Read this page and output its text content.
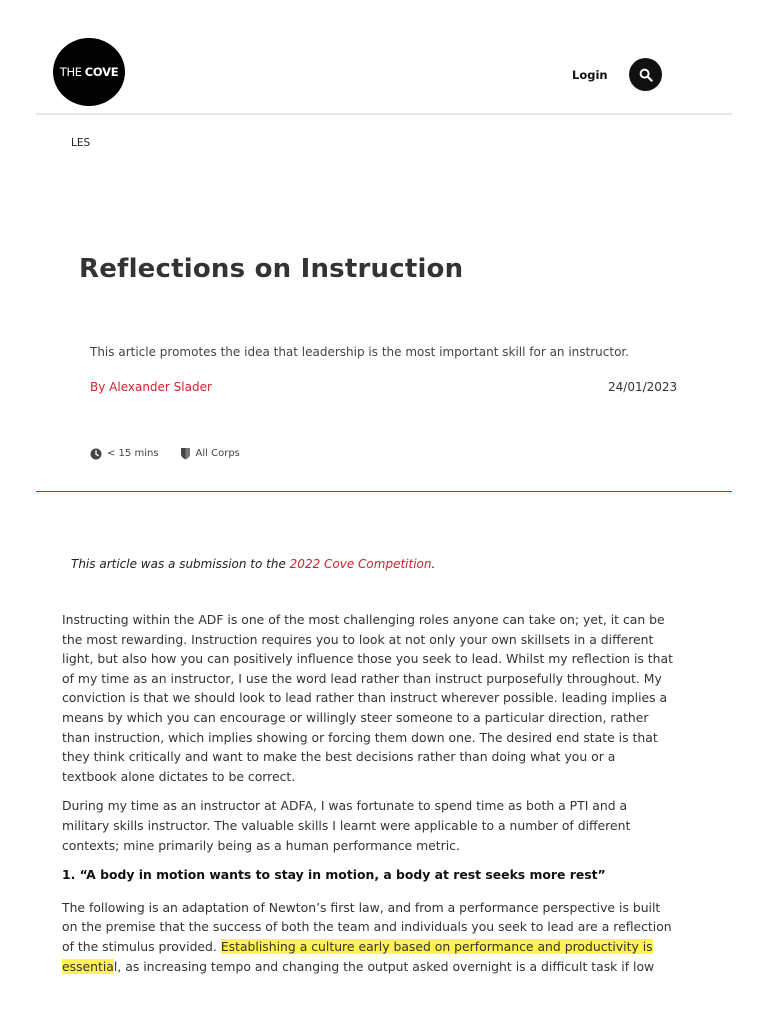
THE COVE	Login
LES
Reflections on Instruction
This article promotes the idea that leadership is the most important skill for an instructor.
By Alexander Slader	24/01/2023
< 15 mins	All Corps
This article was a submission to the 2022 Cove Competition.

Instructing within the ADF is one of the most challenging roles anyone can take on; yet, it can be
the most rewarding. Instruction requires you to look at not only your own skillsets in a different
light, but also how you can positively influence those you seek to lead. Whilst my reflection is that
of my time as an instructor, I use the word lead rather than instruct purposefully throughout. My
conviction is that we should look to lead rather than instruct wherever possible. leading implies a
means by which you can encourage or willingly steer someone to a particular direction, rather
than instruction, which implies showing or forcing them down one. The desired end state is that
they think critically and want to make the best decisions rather than doing what you or a
textbook alone dictates to be correct.

During my time as an instructor at ADFA, I was fortunate to spend time as both a PTI and a
military skills instructor. The valuable skills I learnt were applicable to a number of different
contexts; mine primarily being as a human performance metric.

1. “A body in motion wants to stay in motion, a body at rest seeks more rest”

The following is an adaptation of Newton’s first law, and from a performance perspective is built
on the premise that the success of both the team and individuals you seek to lead are a reflection
of the stimulus provided. Establishing a culture early based on performance and productivity is
essential, as increasing tempo and changing the output asked overnight is a difficult task if low
